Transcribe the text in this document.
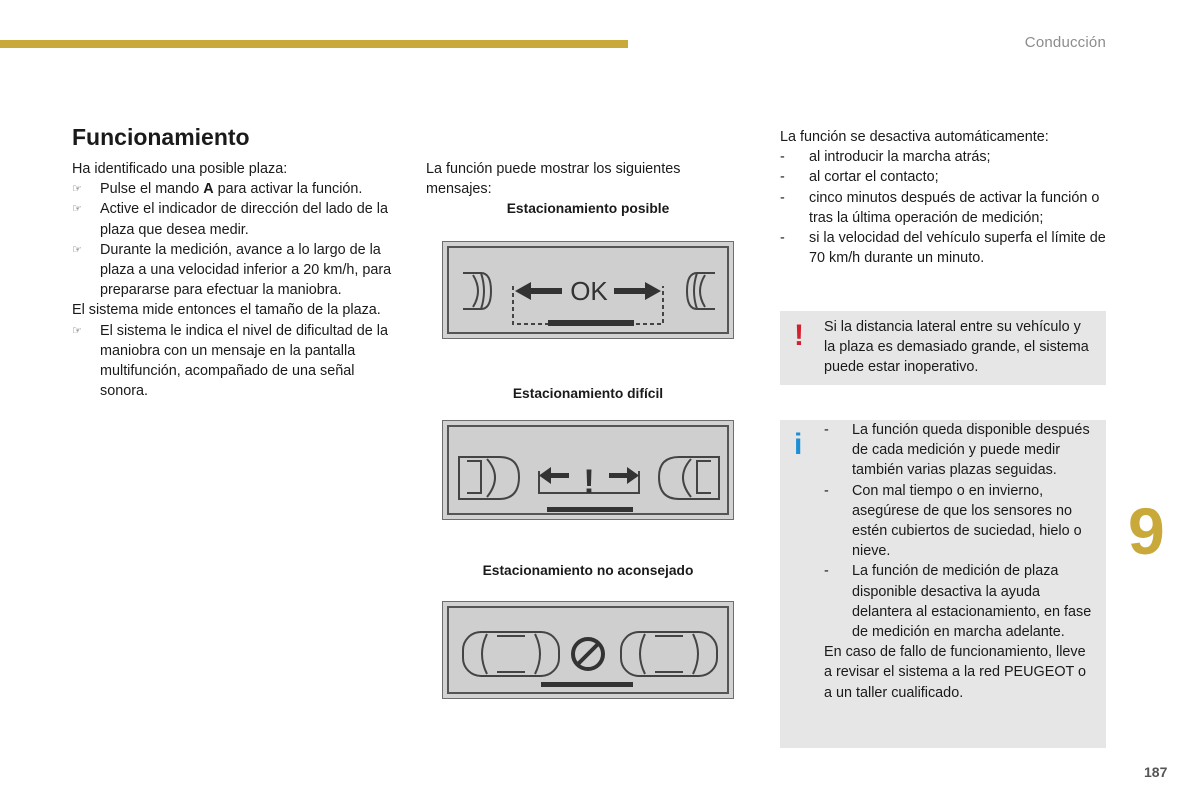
Conducción
Funcionamiento

Ha identificado una posible plaza:

☞ Pulse el mando A para activar la función.
☞ Active el indicador de dirección del lado de la plaza que desea medir.
☞ Durante la medición, avance a lo largo de la plaza a una velocidad inferior a 20 km/h, para prepararse para efectuar la maniobra.

El sistema mide entonces el tamaño de la plaza.

☞ El sistema le indica el nivel de dificultad de la maniobra con un mensaje en la pantalla multifunción, acompañado de una señal sonora.
La función puede mostrar los siguientes mensajes:
Estacionamiento posible
OK
Estacionamiento difícil
!
Estacionamiento no aconsejado

La función se desactiva automáticamente:

- al introducir la marcha atrás;
- al cortar el contacto;
- cinco minutos después de activar la función o tras la última operación de medición;
- si la velocidad del vehículo superfa el límite de 70 km/h durante un minuto.
! Si la distancia lateral entre su vehículo y la plaza es demasiado grande, el sistema puede estar inoperativo.
i - La función queda disponible después de cada medición y puede medir también varias plazas seguidas.
- Con mal tiempo o en invierno, asegúrese de que los sensores no estén cubiertos de suciedad, hielo o nieve.
- La función de medición de plaza disponible desactiva la ayuda delantera al estacionamiento, en fase de medición en marcha adelante.
En caso de fallo de funcionamiento, lleve a revisar el sistema a la red PEUGEOT o a un taller cualificado.
9
187
